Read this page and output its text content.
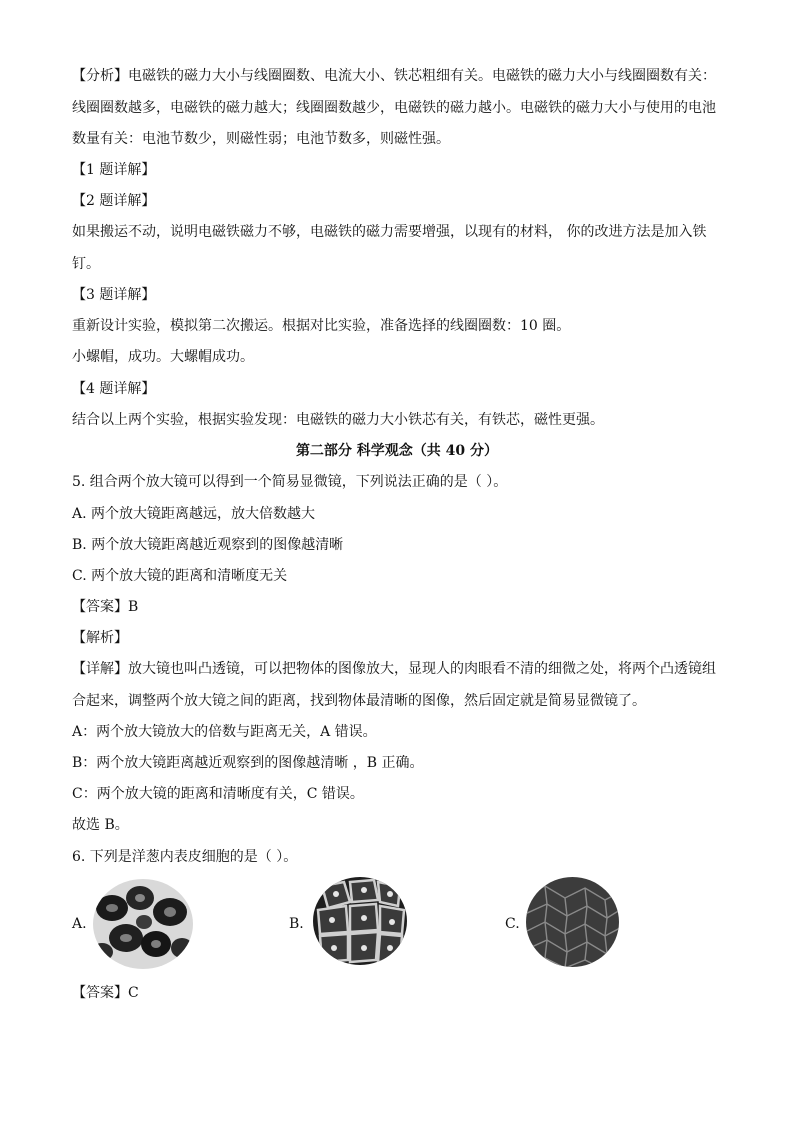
【分析】电磁铁的磁力大小与线圈圈数、电流大小、铁芯粗细有关。电磁铁的磁力大小与线圈圈数有关：
线圈圈数越多，电磁铁的磁力越大；线圈圈数越少，电磁铁的磁力越小。电磁铁的磁力大小与使用的电池
数量有关：电池节数少，则磁性弱；电池节数多，则磁性强。
【1 题详解】
【2 题详解】
如果搬运不动，说明电磁铁磁力不够，电磁铁的磁力需要增强，以现有的材料， 你的改进方法是加入铁
钉。
【3 题详解】
重新设计实验，模拟第二次搬运。根据对比实验，准备选择的线圈圈数：10 圈。
小螺帽，成功。大螺帽成功。
【4 题详解】
结合以上两个实验，根据实验发现：电磁铁的磁力大小铁芯有关，有铁芯，磁性更强。
第二部分 科学观念（共 40 分）
5. 组合两个放大镜可以得到一个简易显微镜，下列说法正确的是（ ）。
A. 两个放大镜距离越远，放大倍数越大
B. 两个放大镜距离越近观察到的图像越清晰
C. 两个放大镜的距离和清晰度无关
【答案】B
【解析】
【详解】放大镜也叫凸透镜，可以把物体的图像放大，显现人的肉眼看不清的细微之处，将两个凸透镜组
合起来，调整两个放大镜之间的距离，找到物体最清晰的图像，然后固定就是简易显微镜了。
A：两个放大镜放大的倍数与距离无关，A 错误。
B：两个放大镜距离越近观察到的图像越清晰 ，B 正确。
C：两个放大镜的距离和清晰度有关，C 错误。
故选 B。
6. 下列是洋葱内表皮细胞的是（ ）。
A.	B.	C.
【答案】C
